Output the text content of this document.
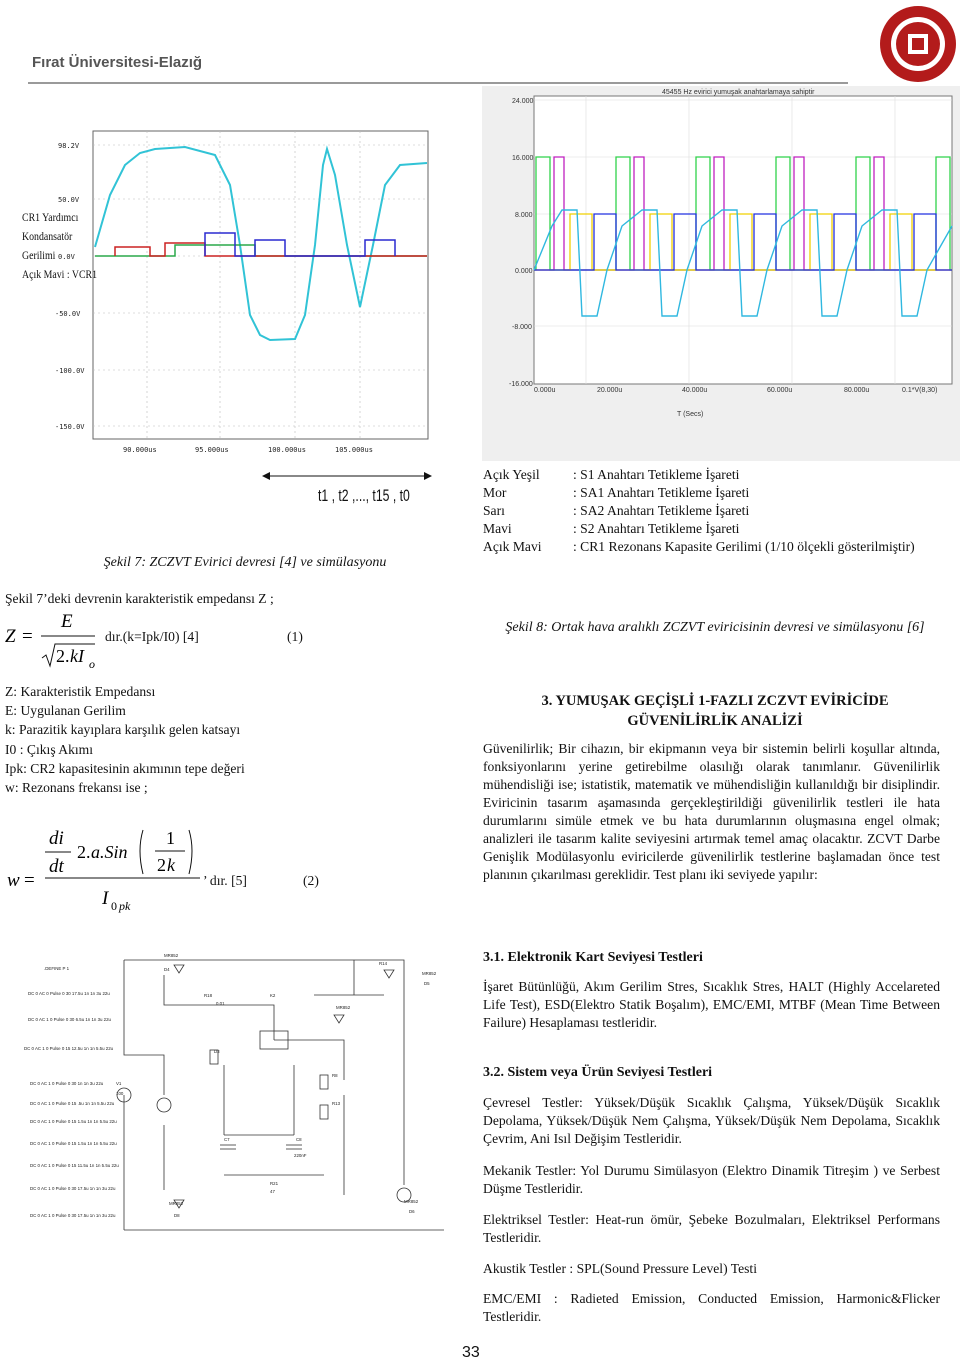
Fırat Üniversitesi-Elazığ
98.2V
50.0V
0.0V
-50.0V
-100.0V
-150.0V
90.000us	95.000us	100.000us	105.000us
CR1 Yardımcı
Kondansatör
Gerilimi
Açık Mavi : VCR1
t1 , t2 ,..., t15 , t0
Şekil 7: ZCZVT Evirici devresi [4] ve simülasyonu
45455 Hz evirici yumuşak anahtarlamaya sahiptir
24.000
16.000
8.000
0.000
-8.000
-16.000
0.000u	20.000u	40.000u	60.000u	80.000u	0.1*V(8,30)
T (Secs)
Açık Yeşil : S1 Anahtarı Tetikleme İşareti
Mor	: SA1 Anahtarı Tetikleme İşareti
Sarı	: SA2 Anahtarı Tetikleme İşareti
Mavi	: S2 Anahtarı Tetikleme İşareti
Açık Mavi : CR1 Rezonans Kapasite Gerilimi (1/10 ölçekli gösterilmiştir)
Şekil 8: Ortak hava aralıklı ZCZVT eviricisinin devresi ve simülasyonu [6]
Şekil 7’deki devrenin karakteristik empedansı Z ;
Z =
E
2. kI o
dır.(k=Ipk/I0) [4]	(1)
Z: Karakteristik Empedansı
E: Uygulanan Gerilim
k: Parazitik kayıplara karşılık gelen katsayı
I0 : Çıkış Akımı
Ipk: CR2 kapasitesinin akımının tepe değeri
w: Rezonans frekansı ise ;
w =
di
dt
2. a.Sin
1
2 k
I 0 pk
’ dır. [5]	(2)
.DEFINE P 1
DC 0 AC 0 Pulse 0 30 17.5u 1n 1n 3u 22u
DC 0 AC 1 0 Pulse 0 30 6.5u 1n 1n 3u 22u
DC 0 AC 1 0 Pulse 0 15 12.5u 1n 1n 5.5u 22u
DC 0 AC 1 0 Pulse 0 30 1n 1n 3u 22u
DC 0 AC 1 0 Pulse 0 15 .5u 1n 1n 5.5u 22u
DC 0 AC 1 0 Pulse 0 15 1.5u 1n 1n 5.5u 22u
DC 0 AC 1 0 Pulse 0 15 1.5u 1n 1n 5.5u 22u
DC 0 AC 1 0 Pulse 0 15 11.5u 1n 1n 5.5u 22u
DC 0 AC 1 0 Pulse 0 30 17.5u 1n 1n 3u 22u
DC 0 AC 1 0 Pulse 0 30 17.5u 1n 1n 3u 22u
MR852
D4
R14
MR852
D5
R18
0.01
K2
MR852
D3
R8
R13
C7	C8
220nF
R21
47
MR852
D8
V1
100
MR852
D6
3. YUMUŞAK GEÇİŞLİ 1-FAZLI ZCZVT EVİRİCİDE GÜVENİLİRLİK ANALİZİ
Güvenilirlik; Bir cihazın, bir ekipmanın veya bir sistemin belirli koşullar altında, fonksiyonlarını yerine getirebilme olasılığı olarak tanımlanır. Güvenilirlik mühendisliği ise; istatistik, matematik ve mühendisliğin kullanıldığı bir disiplindir. Eviricinin tasarım aşamasında gerçekleştirildiği güvenilirlik testleri ile hata durumlarını simüle etmek ve bu hata durumlarının oluşmasına engel olmak; analizleri ile tasarım kalite seviyesini artırmak temel amaç olacaktır. ZCVT Darbe Genişlik Modülasyonlu eviricilerde güvenilirlik testlerine başlamadan önce test planının çıkarılması gereklidir. Test planı iki seviyede yapılır:
3.1. Elektronik Kart Seviyesi Testleri
İşaret Bütünlüğü, Akım Gerilim Stres, Sıcaklık Stres, HALT (Highly Accelareted Life Test), ESD(Elektro Statik Boşalım), EMC/EMI, MTBF (Mean Time Between Failure) Hesaplaması testleridir.
3.2. Sistem veya Ürün Seviyesi Testleri
Çevresel Testler: Yüksek/Düşük Sıcaklık Çalışma, Yüksek/Düşük Sıcaklık Depolama, Yüksek/Düşük Nem Çalışma, Yüksek/Düşük Nem Depolama, Sıcaklık Çevrim, Ani Isıl Değişim Testleridir.
Mekanik Testler: Yol Durumu Simülasyon (Elektro Dinamik Titreşim ) ve Serbest Düşme Testleridir.
Elektriksel Testler: Heat-run ömür, Şebeke Bozulmaları, Elektriksel Performans Testleridir.
Akustik Testler : SPL(Sound Pressure Level) Testi
EMC/EMI : Radieted Emission, Conducted Emission, Harmonic&Flicker Testleridir.
33
